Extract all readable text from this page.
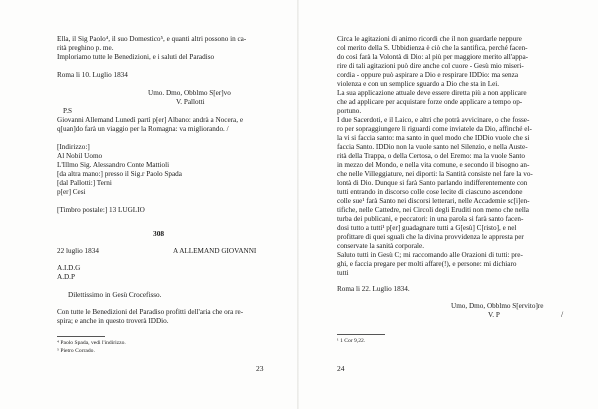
Ella, il Sig Paolo⁴, il suo Domestico⁵, e quanti altri possono in ca-
rità preghino p. me.
Imploriamo tutte le Benedizioni, e i saluti del Paradiso
Roma li 10. Luglio 1834
Umo. Dmo, Obblmo S[er]vo
V. Pallotti
P.S
Giovanni Allemand Lunedì partì p[er] Albano: andrà a Nocera, e
q[uan]do farà un viaggio per la Romagna: va migliorando. /
[Indirizzo:]
Al Nobil Uomo
L'Illmo Sig. Alessandro Conte Mattioli
[da altra mano:] presso il Sig.r Paolo Spada
[dal Pallotti:] Terni
p[er] Cesi
[Timbro postale:] 13 LUGLIO
308
22 luglio 1834	A ALLEMAND GIOVANNI
A.I.D.G
A.D.P
Dilettissimo in Gesù Crocefisso.
Con tutte le Benedizioni del Paradiso profitti dell'aria che ora re-
spira; e anche in questo troverà IDDio.
⁴ Paolo Spada, vedi l'indirizzo.
⁵ Pietro Corrado.
23
Circa le agitazioni di animo ricordi che il non guardarle neppure
col merito della S. Ubbidienza è ciò che la santifica, perché facen-
do così farà la Volontà di Dio: al più per maggiore merito all'appa-
rire di tali agitazioni può dire anche col cuore - Gesù mio miseri-
cordia - oppure può aspirare a Dio e respirare IDDio: ma senza
violenza e con un semplice sguardo a Dio che sta in Lei.
La sua applicazione attuale deve essere diretta più a non applicare
che ad applicare per acquistare forze onde applicare a tempo op-
portuno.
I due Sacerdoti, e il Laico, e altri che potrà avvicinare, o che fosse-
ro per sopraggiungere li riguardi come inviatele da Dio, affinché el-
la vi si faccia santo: ma santo in quel modo che IDDio vuole che si
faccia Santo. IDDio non la vuole santo nel Silenzio, e nella Auste-
rità della Trappa, o della Certosa, o del Eremo: ma la vuole Santo
in mezzo del Mondo, e nella vita comune, e secondo il bisogno an-
che nelle Villeggiature, nei diporti: la Santità consiste nel fare la vo-
lontà di Dio. Dunque si farà Santo parlando indifferentemente con
tutti entrando in discorso colle cose lecite di ciascuno ascendone
colle sue¹ farà Santo nei discorsi letterari, nelle Accademie sc[i]en-
tifiche, nelle Cattedre, nei Circoli degli Eruditi non meno che nella
turba dei publicani, e peccatori: in una parola si farà santo facen-
dosi tutto a tutti¹ p[er] guadagnare tutti a G[esù] C[risto], e nel
profittare di quei sguali che la divina provvidenza le appresta per
conservate la sanità corporale.
Saluto tutti in Gesù C; mi raccomando alle Orazioni di tutti: pre-
ghi, e faccia pregare per molti affare(!), e persone: mi dichiaro
tutti
Roma li 22. Luglio 1834.
Umo, Dmo, Obblmo S[ervito]re
V. P	/
¹ 1 Cor 9,22.
24
